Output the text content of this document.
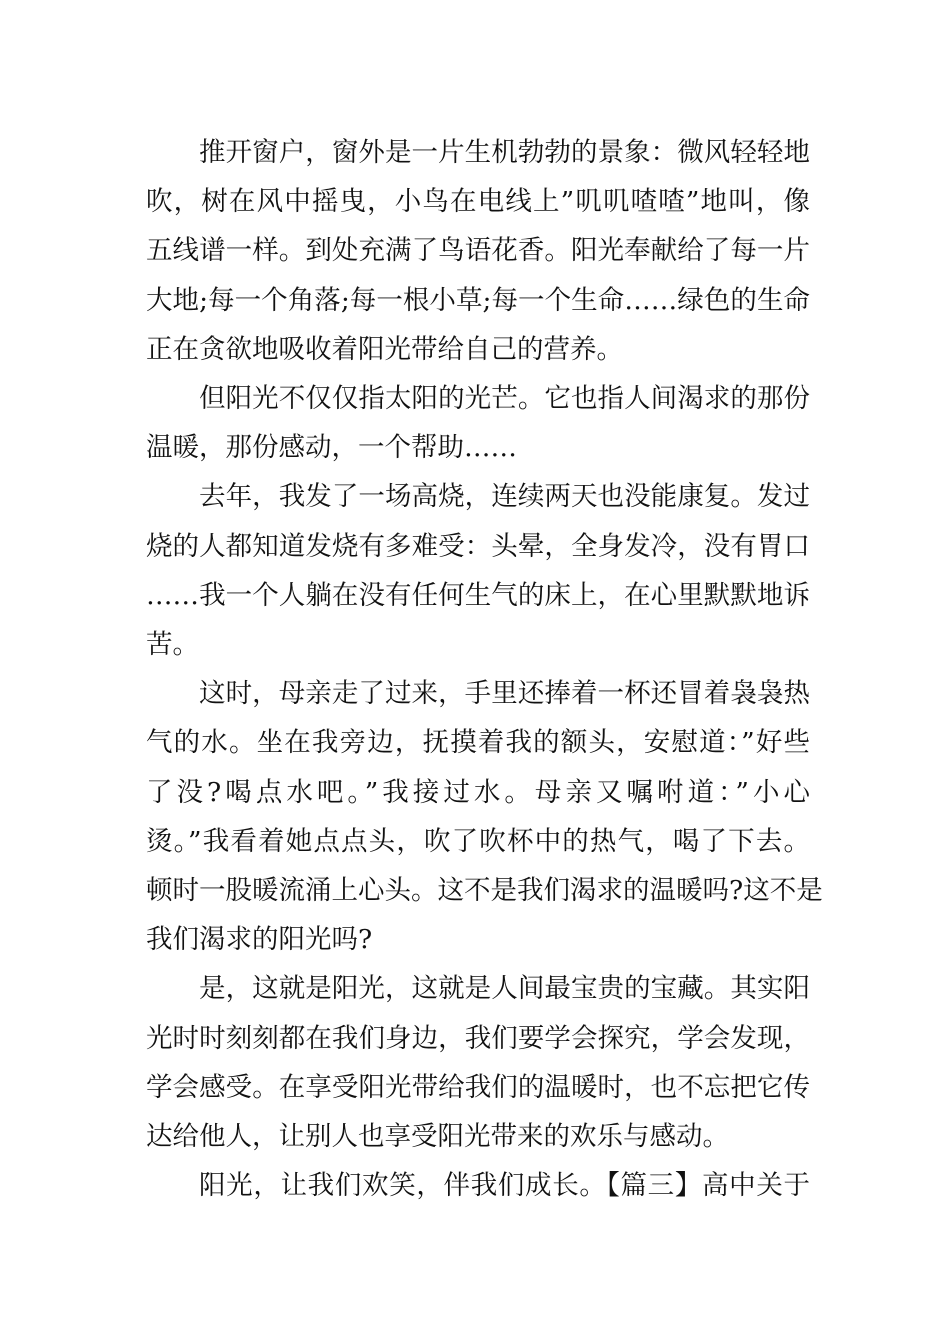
推开窗户，窗外是一片生机勃勃的景象：微风轻轻地
吹，树在风中摇曳，小鸟在电线上”叽叽喳喳”地叫，像
五线谱一样。到处充满了鸟语花香。阳光奉献给了每一片
大地;每一个角落;每一根小草;每一个生命……绿色的生命
正在贪欲地吸收着阳光带给自己的营养。
但阳光不仅仅指太阳的光芒。它也指人间渴求的那份
温暖，那份感动，一个帮助……
去年，我发了一场高烧，连续两天也没能康复。发过
烧的人都知道发烧有多难受：头晕，全身发冷，没有胃口
……我一个人躺在没有任何生气的床上，在心里默默地诉
苦。
这时，母亲走了过来，手里还捧着一杯还冒着袅袅热
气的水。坐在我旁边，抚摸着我的额头，安慰道：”好些
了没?喝点水吧。”我接过水。母亲又嘱咐道：”小心
烫。”我看着她点点头，吹了吹杯中的热气，喝了下去。
顿时一股暖流涌上心头。这不是我们渴求的温暖吗?这不是
我们渴求的阳光吗?
是，这就是阳光，这就是人间最宝贵的宝藏。其实阳
光时时刻刻都在我们身边，我们要学会探究，学会发现，
学会感受。在享受阳光带给我们的温暖时，也不忘把它传
达给他人，让别人也享受阳光带来的欢乐与感动。
阳光，让我们欢笑，伴我们成长。【篇三】高中关于
